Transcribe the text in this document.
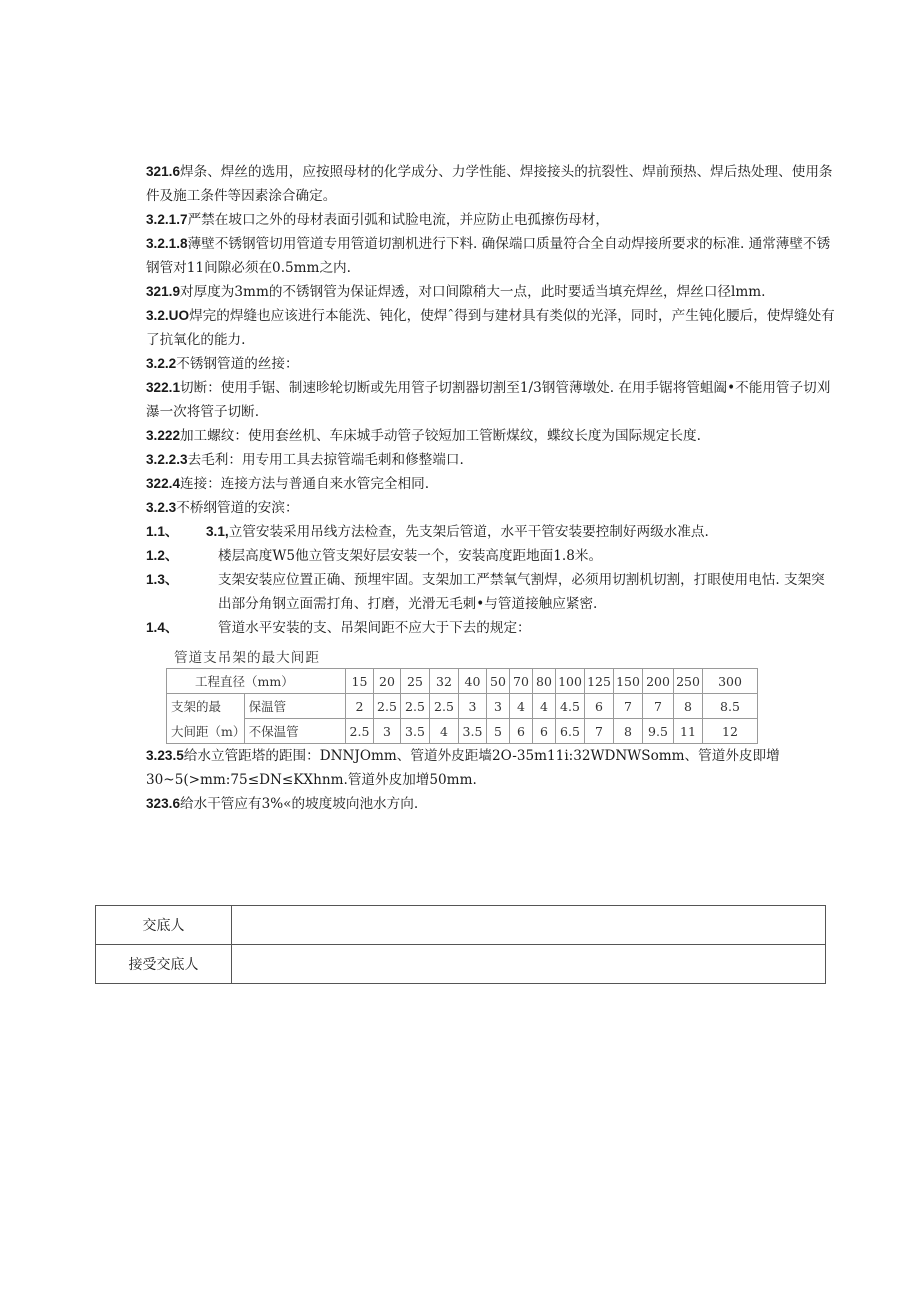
321.6焊条、焊丝的选用，应按照母材的化学成分、力学性能、焊接接头的抗裂性、焊前预热、焊后热处理、使用条件及施工条件等因素涂合确定。

3.2.1.7严禁在坡口之外的母材表面引弧和试脸电流，并应防止电孤擦伤母材，

3.2.1.8薄壁不锈钢管切用管道专用管道切割机进行下料. 确保端口质量符合全自动焊接所要求的标准. 通常薄壁不锈钢管对11间隙必须在0.5mm之内.

321.9对厚度为3mm的不锈钢管为保证焊透，对口间隙稍大一点，此时要适当填充焊丝，焊丝口径lmm.

3.2.UO焊完的焊缝也应该进行本能洗、钝化，使焊ˆ得到与建材具有类似的光泽，同时，产生钝化腰后，使焊缝处有了抗氧化的能力.

3.2.2不锈钢管道的丝接：

322.1切断：使用手锯、制速昣轮切断或先用管子切割器切割至1/3钢管薄墩处. 在用手锯将管蛆阖•不能用管子切刈瀑一次将管子切断.

3.222加工螺纹：使用套丝机、车床城手动管子铰短加工管断煤纹，蝶纹长度为国际规定长度.

3.2.2.3去毛利：用专用工具去掠管端毛刺和修整端口.

322.4连接：连接方法与普通自来水管完全相同.

3.2.3不桥纲管道的安滨：

1.1、	3.1,立管安装采用吊线方法检查，先支架后管道，水平干管安装要控制好两级水准点.
1.2、	楼层高度W5他立管支架好层安装一个，安装高度距地面1.8米。
1.3、	支架安装应位置正确、预埋牢固。支架加工严禁氧气割焊，必须用切割机切割，打眼使用电怙. 支架突出部分角钢立面需打角、打磨，光滑无毛刺•与管道接触应紧密.
1.4、	管道水平安装的支、吊架间距不应大于下去的规定：
管道支吊架的最大间距
工程直径（mm）		15	20	25	32	40	50	70	80	100	125	150	200	250	300
支架的最	保温管	2	2.5	2.5	2.5	3	3	4	4	4.5	6	7	7	8	8.5
大间距（m）	不保温管	2.5	3	3.5	4	3.5	5	6	6	6.5	7	8	9.5	11	12

3.23.5给水立管距塔的距围：DNNJOmm、管道外皮距墙2O-35m11i:32WDNWSomm、管道外皮即增30~5(>mm:75≤DN≤KXhnm.管道外皮加增50mm.

323.6给水干管应有3%«的坡度坡向池水方向.

交底人	
接受交底人	
